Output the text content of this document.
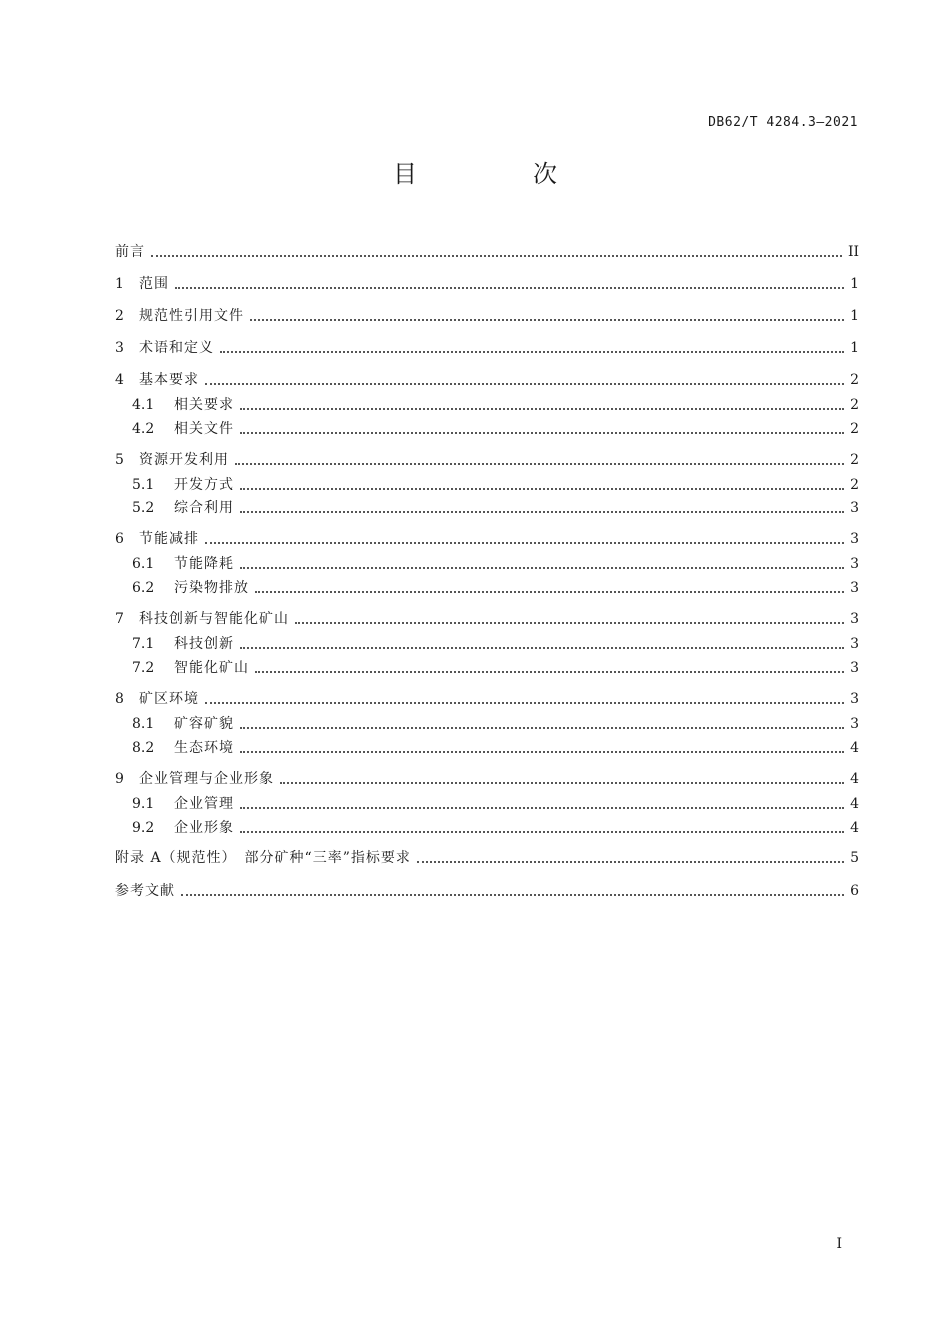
DB62/T 4284.3—2021
目　次
前言	II
1	范围	1
2	规范性引用文件	1
3	术语和定义	1
4	基本要求	2
4.1	相关要求	2
4.2	相关文件	2
5	资源开发利用	2
5.1	开发方式	2
5.2	综合利用	3
6	节能减排	3
6.1	节能降耗	3
6.2	污染物排放	3
7	科技创新与智能化矿山	3
7.1	科技创新	3
7.2	智能化矿山	3
8	矿区环境	3
8.1	矿容矿貌	3
8.2	生态环境	4
9	企业管理与企业形象	4
9.1	企业管理	4
9.2	企业形象	4
附录 A（规范性）　部分矿种“三率”指标要求	5
参考文献	6
I
